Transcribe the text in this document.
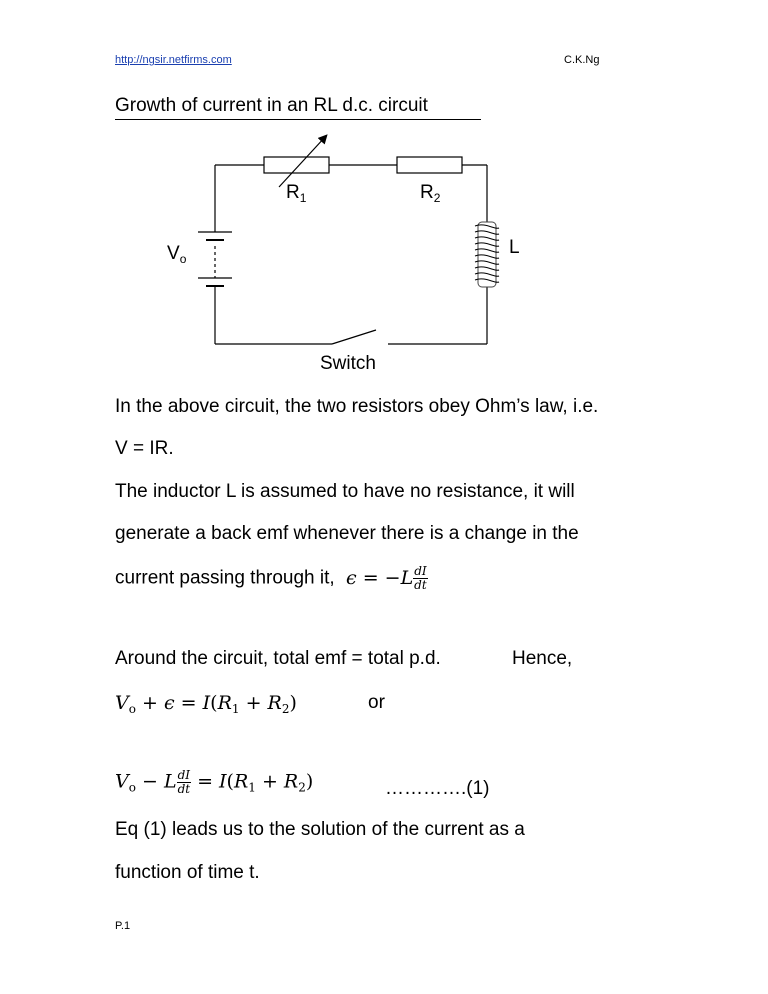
http://ngsir.netfirms.com	C.K.Ng
Growth of current in an RL d.c. circuit
$R_1$	$R_2$
$V_o$
L
Switch
In the above circuit, the two resistors obey Ohm’s law, i.e.
V = IR.
The inductor L is assumed to have no resistance, it will
generate a back emf whenever there is a change in the
current passing through it,  $\epsilon = -L \frac{dI}{dt}$
Around the circuit, total emf = total p.d.	Hence,
$V_o + \epsilon = I(R_1 + R_2)$	or
$V_o - L \frac{dI}{dt} = I(R_1 + R_2)$	………….(1)
Eq (1) leads us to the solution of the current as a
function of time t.
P.1
